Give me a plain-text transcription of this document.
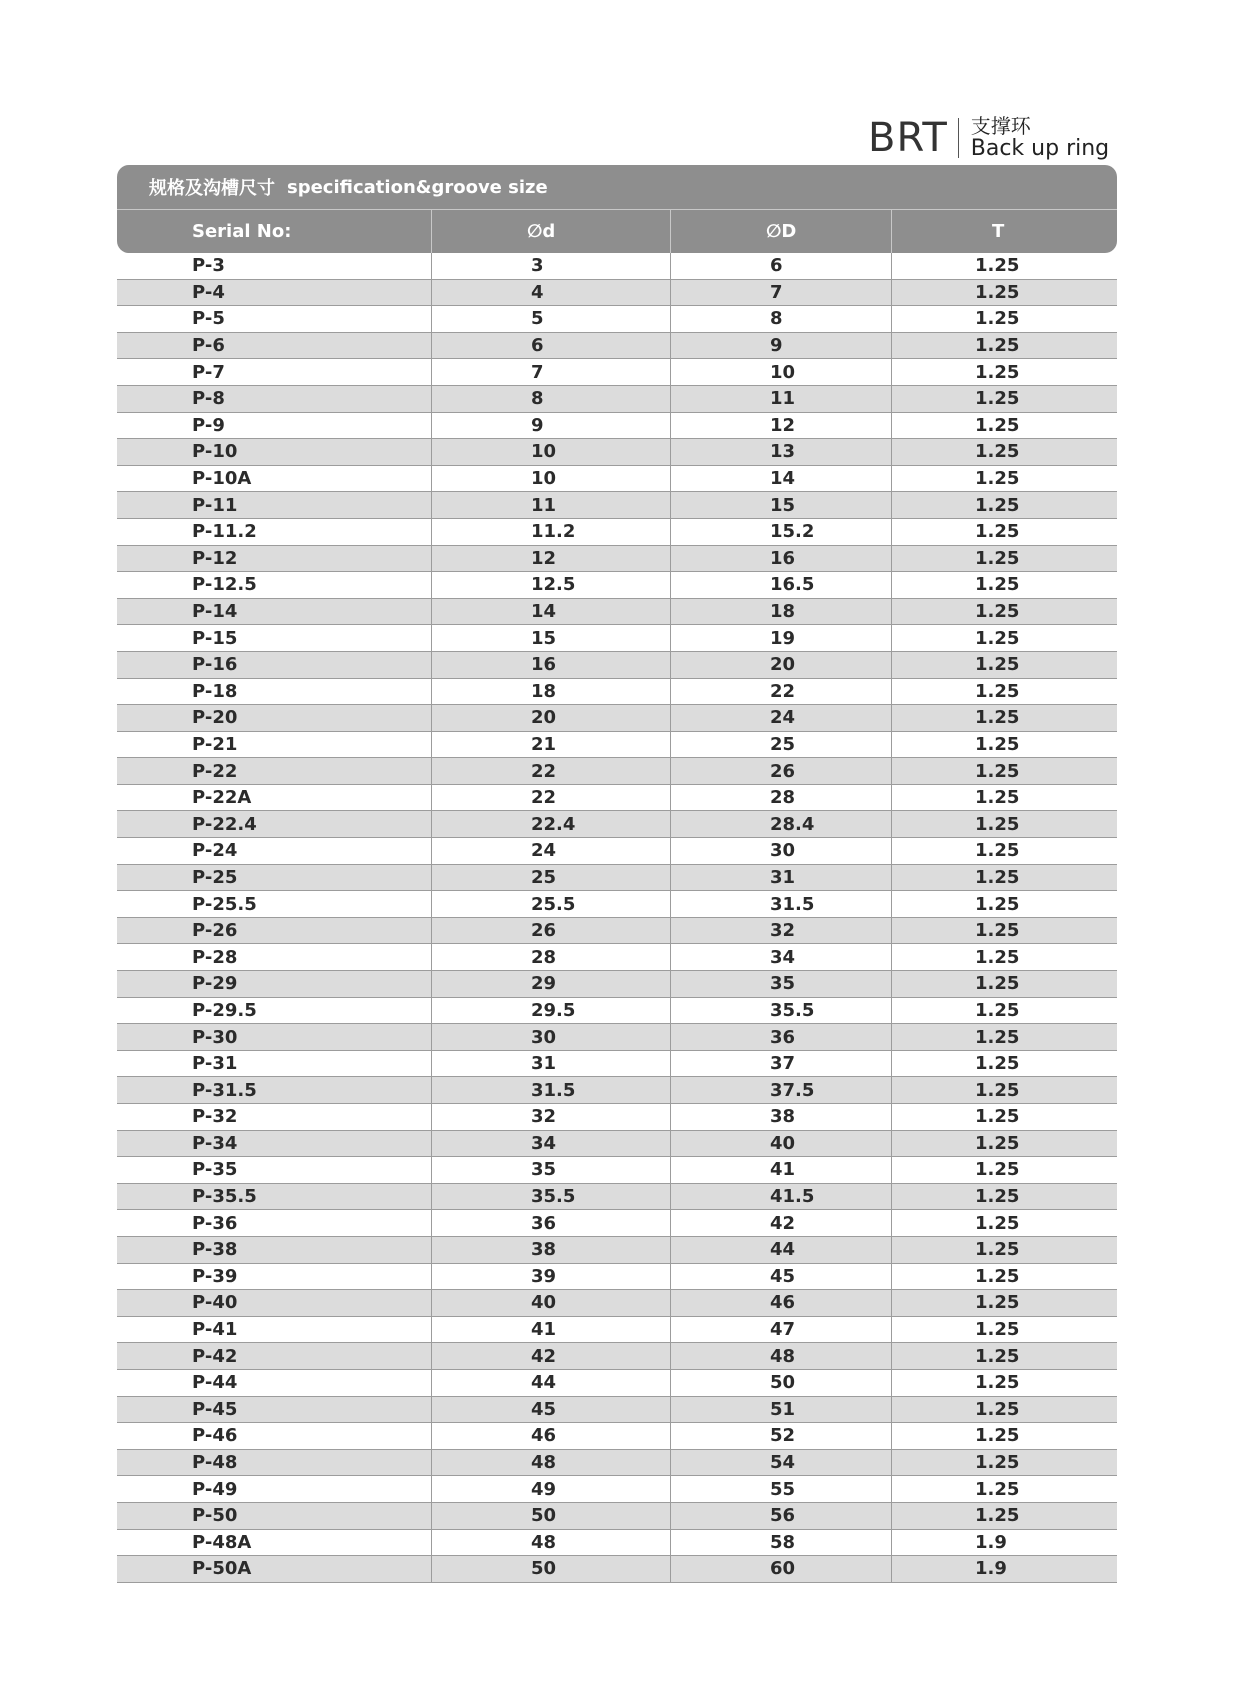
BRT 支撑环
Back up ring
规格及沟槽尺寸 specification&groove size
Serial No:	∅d	∅D	T
P-3	3	6	1.25
P-4	4	7	1.25
P-5	5	8	1.25
P-6	6	9	1.25
P-7	7	10	1.25
P-8	8	11	1.25
P-9	9	12	1.25
P-10	10	13	1.25
P-10A	10	14	1.25
P-11	11	15	1.25
P-11.2	11.2	15.2	1.25
P-12	12	16	1.25
P-12.5	12.5	16.5	1.25
P-14	14	18	1.25
P-15	15	19	1.25
P-16	16	20	1.25
P-18	18	22	1.25
P-20	20	24	1.25
P-21	21	25	1.25
P-22	22	26	1.25
P-22A	22	28	1.25
P-22.4	22.4	28.4	1.25
P-24	24	30	1.25
P-25	25	31	1.25
P-25.5	25.5	31.5	1.25
P-26	26	32	1.25
P-28	28	34	1.25
P-29	29	35	1.25
P-29.5	29.5	35.5	1.25
P-30	30	36	1.25
P-31	31	37	1.25
P-31.5	31.5	37.5	1.25
P-32	32	38	1.25
P-34	34	40	1.25
P-35	35	41	1.25
P-35.5	35.5	41.5	1.25
P-36	36	42	1.25
P-38	38	44	1.25
P-39	39	45	1.25
P-40	40	46	1.25
P-41	41	47	1.25
P-42	42	48	1.25
P-44	44	50	1.25
P-45	45	51	1.25
P-46	46	52	1.25
P-48	48	54	1.25
P-49	49	55	1.25
P-50	50	56	1.25
P-48A	48	58	1.9
P-50A	50	60	1.9
